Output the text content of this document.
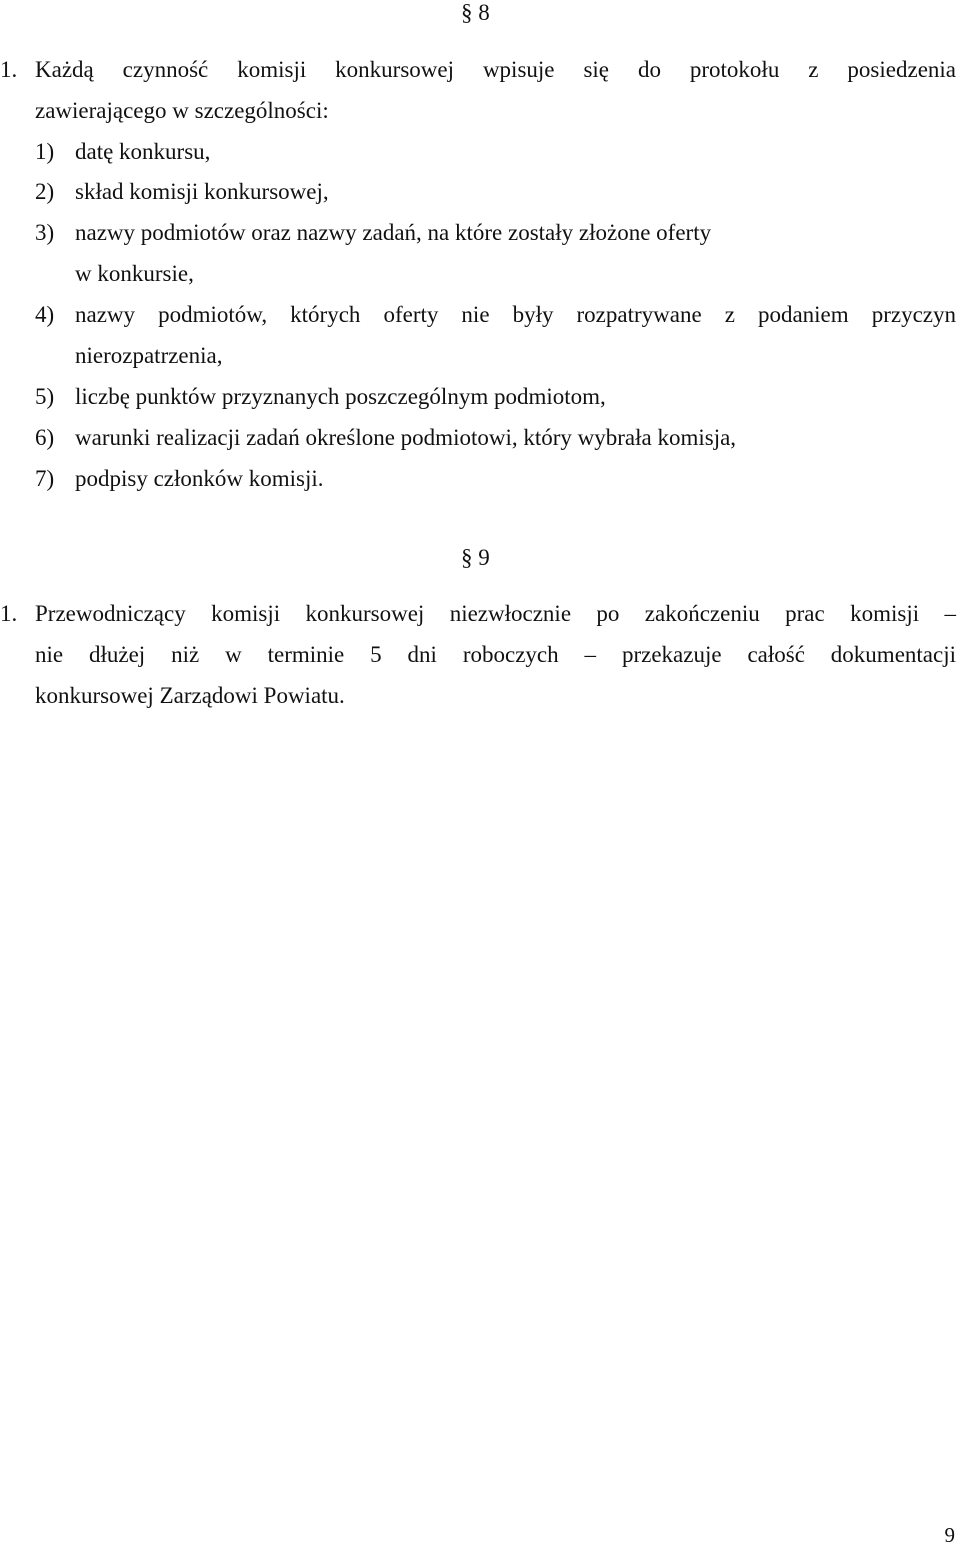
§ 8
1. Każdą czynność komisji konkursowej wpisuje się do protokołu z posiedzenia
zawierającego w szczególności:
1) datę konkursu,
2) skład komisji konkursowej,
3) nazwy podmiotów oraz nazwy zadań, na które zostały złożone oferty
w konkursie,
4) nazwy podmiotów, których oferty nie były rozpatrywane z podaniem przyczyn
nierozpatrzenia,
5) liczbę punktów przyznanych poszczególnym podmiotom,
6) warunki realizacji zadań określone podmiotowi, który wybrała komisja,
7) podpisy członków komisji.
§ 9
1. Przewodniczący komisji konkursowej niezwłocznie po zakończeniu prac komisji –
nie dłużej niż w terminie 5 dni roboczych – przekazuje całość dokumentacji
konkursowej Zarządowi Powiatu.
9
